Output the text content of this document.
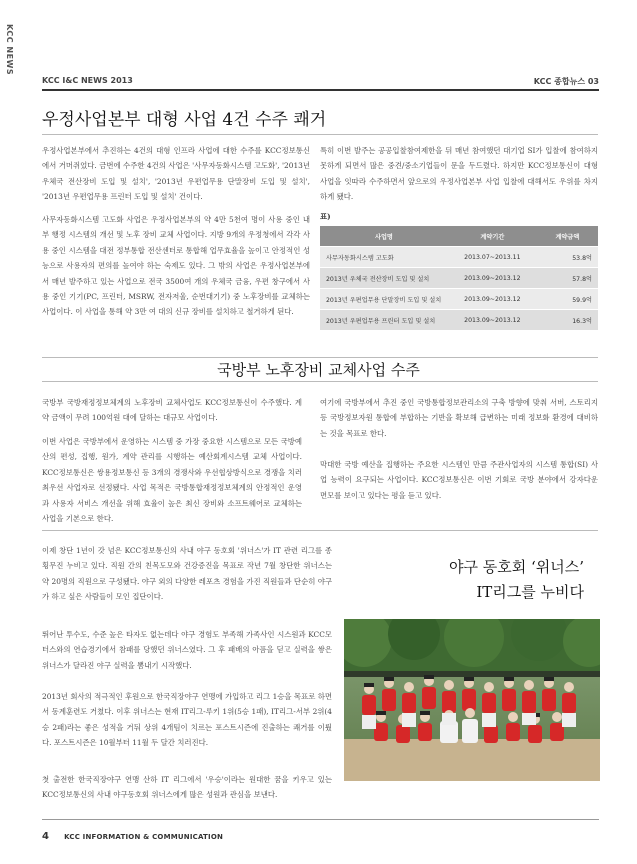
KCC NEWS
KCC I&C NEWS 2013	KCC 종합뉴스 03
우정사업본부 대형 사업 4건 수주 쾌거

우정사업본부에서 추진하는 4건의 대형 인프라 사업에 대한 수주를 KCC정보통신에서 거머쥐었다. 금번에 수주한 4건의 사업은 '사무자동화시스템 고도화', '2013년 우체국 전산장비 도입 및 설치', '2013년 우편업무용 단말장비 도입 및 설치', '2013년 우편업무용 프린터 도입 및 설치' 건이다.

사무자동화시스템 고도화 사업은 우정사업본부의 약 4만 5천여 명이 사용 중인 내부 행정 시스템의 개선 및 노후 장비 교체 사업이다. 지방 9개의 우정청에서 각각 사용 중인 시스템을 대전 정부통합 전산센터로 통합해 업무효율을 높이고 안정적인 성능으로 사용자의 편의를 높여야 하는 숙제도 있다. 그 밖의 사업은 우정사업본부에서 매년 발주하고 있는 사업으로 전국 3500여 개의 우체국 금융, 우편 창구에서 사용 중인 기기(PC, 프린터, MSRW, 전자저울, 순번대기기) 중 노후장비를 교체하는 사업이다. 이 사업을 통해 약 3만 여 대의 신규 장비를 설치하고 철거하게 된다.

특히 이번 발주는 공공입찰참여제한을 뒤 매년 참여했던 대기업 SI가 입찰에 참여하지 못하게 되면서 많은 중견/중소기업들이 문을 두드렸다. 하지만 KCC정보통신이 대형 사업을 잇따라 수주하면서 앞으로의 우정사업본부 사업 입찰에 대해서도 우위를 차지하게 됐다.

표)
사업명	계약기간	계약금액
사무자동화시스템 고도화	2013.07~2013.11	53.8억
2013년 우체국 전산장비 도입 및 설치	2013.09~2013.12	57.8억
2013년 우편업무용 단말장비 도입 및 설치	2013.09~2013.12	59.9억
2013년 우편업무용 프린터 도입 및 설치	2013.09~2013.12	16.3억
국방부 노후장비 교체사업 수주

국방부 국방재정정보체계의 노후장비 교체사업도 KCC정보통신이 수주했다. 계약 금액이 무려 100억원 대에 달하는 대규모 사업이다.

이번 사업은 국방부에서 운영하는 시스템 중 가장 중요한 시스템으로 모든 국방예산의 편성, 집행, 원가, 계약 관리를 시행하는 예산회계시스템 교체 사업이다. KCC정보통신은 쌍용정보통신 등 3개의 경쟁사와 우선협상방식으로 경쟁을 치러 최우선 사업자로 선정됐다. 사업 목적은 국방통합재정정보체계의 안정적인 운영과 사용자 서비스 개선을 위해 효율이 높은 최신 장비와 소프트웨어로 교체하는 사업을 기본으로 한다.

여기에 국방부에서 추진 중인 국방통합정보관리소의 구축 방향에 맞춰 서버, 스토리지 등 국방정보자원 통합에 부합하는 기반을 확보해 급변하는 미래 정보화 환경에 대비하는 것을 목표로 한다.

막대한 국방 예산을 집행하는 주요한 시스템인 만큼 주관사업자의 시스템 통합(SI) 사업 능력이 요구되는 사업이다. KCC정보통신은 이번 기회로 국방 분야에서 강자다운 면모를 보이고 있다는 평을 듣고 있다.

이제 창단 1년이 갓 넘은 KCC정보통신의 사내 야구 동호회 '위너스'가 IT 관련 리그를 종횡무진 누비고 있다. 직원 간의 친목도모와 건강증진을 목표로 작년 7월 창단한 위너스는 약 20명의 직원으로 구성됐다. 야구 외의 다양한 레포츠 경험을 가진 직원들과 단순히 야구가 하고 싶은 사람들이 모인 집단이다.

뛰어난 투수도, 수준 높은 타자도 없는데다 야구 경험도 부족해 가족사인 시스원과 KCC모터스와의 연습경기에서 참패를 당했던 위너스였다. 그 후 패배의 아픔을 딛고 실력을 쌓은 위너스가 달라진 야구 실력을 뽐내기 시작했다.

2013년 회사의 적극적인 후원으로 한국직장야구 연맹에 가입하고 리그 1승을 목표로 하면서 동계훈련도 거쳤다. 이후 위너스는 현재 IT리그-루키 1위(5승 1패), IT리그-서부 2위(4승 2패)라는 좋은 성적을 거둬 상위 4개팀이 치르는 포스트시즌에 진출하는 쾌거를 이뤘다. 포스트시즌은 10월부터 11월 두 달간 치러진다.

첫 출전한 한국직장야구 연맹 산하 IT 리그에서 '우승'이라는 원대한 꿈을 키우고 있는 KCC정보통신의 사내 야구동호회 위너스에게 많은 성원과 관심을 보낸다.

야구 동호회 ‘위너스’
IT리그를 누비다
4 KCC INFORMATION & COMMUNICATION
